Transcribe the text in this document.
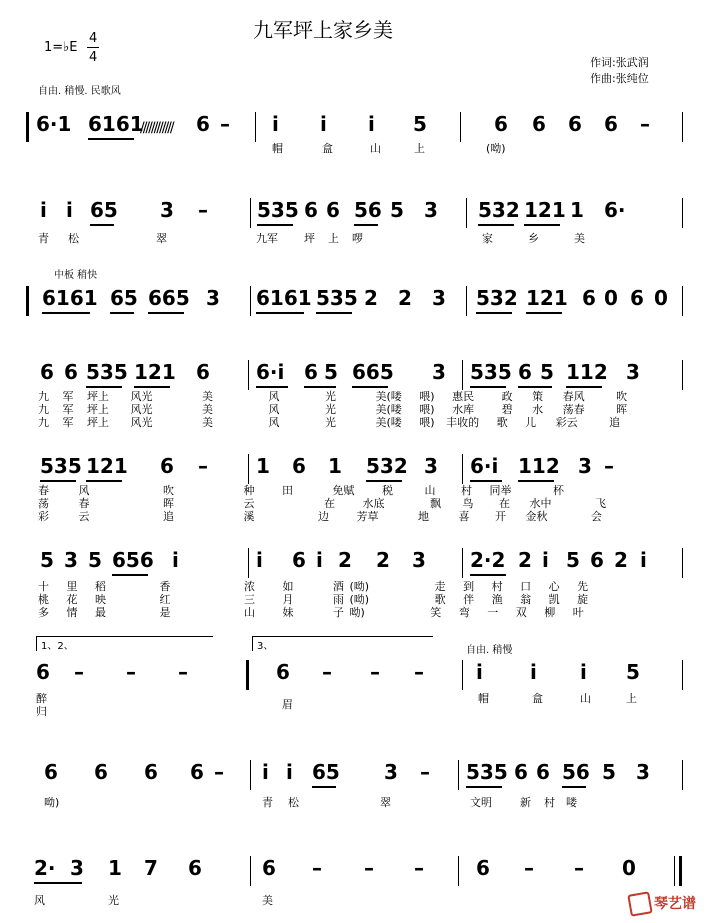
九军坪上家乡美
1=♭E
4
4	作词:张武润
作曲:张纯位
自由. 稍慢. 民歌风
6·1 6161
//////////// 6 – i i i 5	6 6 6 6 –
帽	盒	山	上	(呦)
i i 65 3 – 535 6 6 56 5 3 532 121 1 6·
青 松	翠	九军 坪 上 啰	家	乡	美
中板 稍快
6161 65 665 3 6161 535 2 2 3 532 121 6 0 6 0
6 6 535 121 6 6·i 6 5 665 3 535 6 5 112 3
九 军 坪上 风光	美	风	光	美(喽 喂) 惠民	政 策 春风	吹
九 军 坪上 风光	美	风	光	美(喽 喂) 水库	碧 水 荡春	晖
九 军 坪上 风光	美	风	光	美(喽 喂) 丰收的 歌 儿 彩云	追
535 121 6 – 1 6 1 532 3 6·i 112 3 –
春	风	吹	种	田	免赋	税	山 村 同举	杯
荡	春	晖	云	在	水底	飘 鸟 在 水中	飞
彩	云	追	溪	边	芳草	地	喜 开 金秋	会
5 3 5 656 i	i 6 i 2 2 3 2·2 2 i 5 6 2 i
十 里 稻	香	浓	如	酒 (呦)	走 到 村 口 心 先
桃 花 映	红	三	月	雨 (呦)	歌 伴 渔 翁 凯 旋
多 情 最	是	山	妹	子 呦)	笑 弯 一 双 柳 叶
1、2、	3、	自由. 稍慢
6 – – –	6 – – –	i i i 5
醉
归
眉	帽	盒	山	上
6 6 6 6 – i i 65 3 – 535 6 6 56 5 3
呦)	青 松	翠	文明	新 村 喽
2· 3 1 7 6	6 – – –	6 – – 0
风	光	美	琴艺谱
